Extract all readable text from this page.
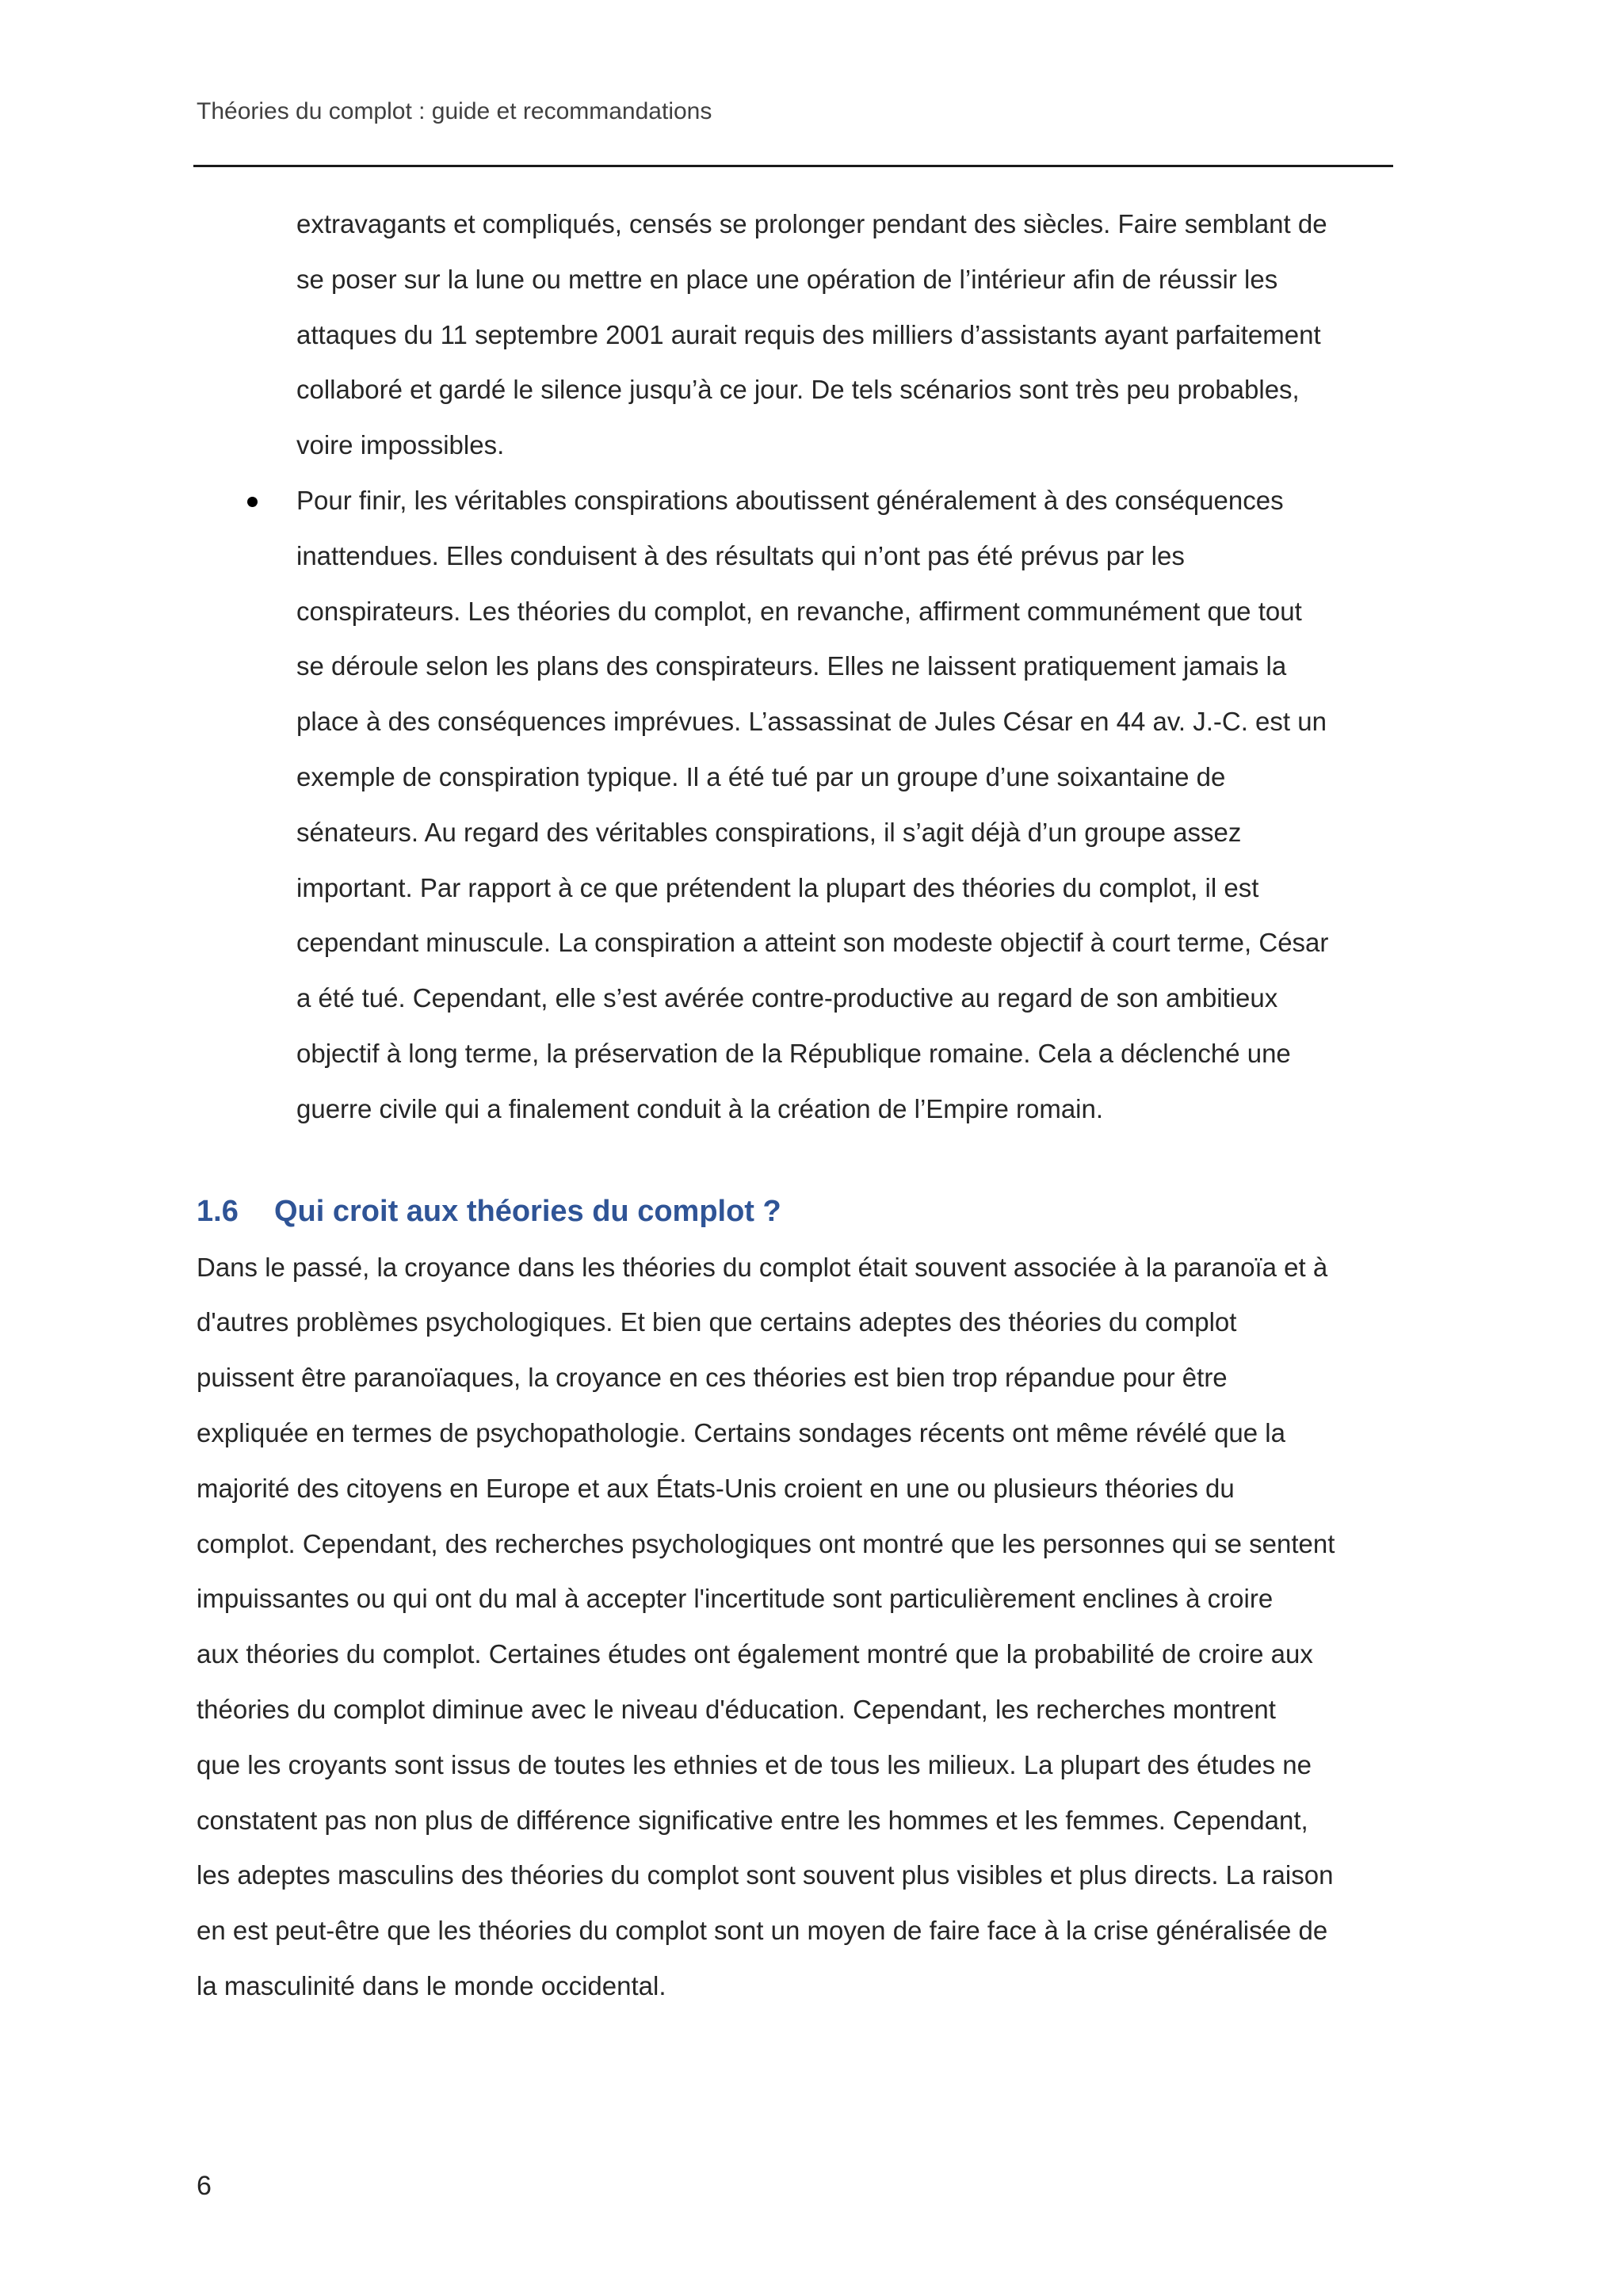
Théories du complot : guide et recommandations
extravagants et compliqués, censés se prolonger pendant des siècles. Faire semblant de
se poser sur la lune ou mettre en place une opération de l’intérieur afin de réussir les
attaques du 11 septembre 2001 aurait requis des milliers d’assistants ayant parfaitement
collaboré et gardé le silence jusqu’à ce jour. De tels scénarios sont très peu probables,
voire impossibles.
Pour finir, les véritables conspirations aboutissent généralement à des conséquences
inattendues. Elles conduisent à des résultats qui n’ont pas été prévus par les
conspirateurs. Les théories du complot, en revanche, affirment communément que tout
se déroule selon les plans des conspirateurs. Elles ne laissent pratiquement jamais la
place à des conséquences imprévues. L’assassinat de Jules César en 44 av. J.-C. est un
exemple de conspiration typique. Il a été tué par un groupe d’une soixantaine de
sénateurs. Au regard des véritables conspirations, il s’agit déjà d’un groupe assez
important. Par rapport à ce que prétendent la plupart des théories du complot, il est
cependant minuscule. La conspiration a atteint son modeste objectif à court terme, César
a été tué. Cependant, elle s’est avérée contre-productive au regard de son ambitieux
objectif à long terme, la préservation de la République romaine. Cela a déclenché une
guerre civile qui a finalement conduit à la création de l’Empire romain.
1.6	Qui croit aux théories du complot ?
Dans le passé, la croyance dans les théories du complot était souvent associée à la paranoïa et à
d'autres problèmes psychologiques. Et bien que certains adeptes des théories du complot
puissent être paranoïaques, la croyance en ces théories est bien trop répandue pour être
expliquée en termes de psychopathologie. Certains sondages récents ont même révélé que la
majorité des citoyens en Europe et aux États-Unis croient en une ou plusieurs théories du
complot. Cependant, des recherches psychologiques ont montré que les personnes qui se sentent
impuissantes ou qui ont du mal à accepter l'incertitude sont particulièrement enclines à croire
aux théories du complot. Certaines études ont également montré que la probabilité de croire aux
théories du complot diminue avec le niveau d'éducation. Cependant, les recherches montrent
que les croyants sont issus de toutes les ethnies et de tous les milieux. La plupart des études ne
constatent pas non plus de différence significative entre les hommes et les femmes. Cependant,
les adeptes masculins des théories du complot sont souvent plus visibles et plus directs. La raison
en est peut-être que les théories du complot sont un moyen de faire face à la crise généralisée de
la masculinité dans le monde occidental.
6
